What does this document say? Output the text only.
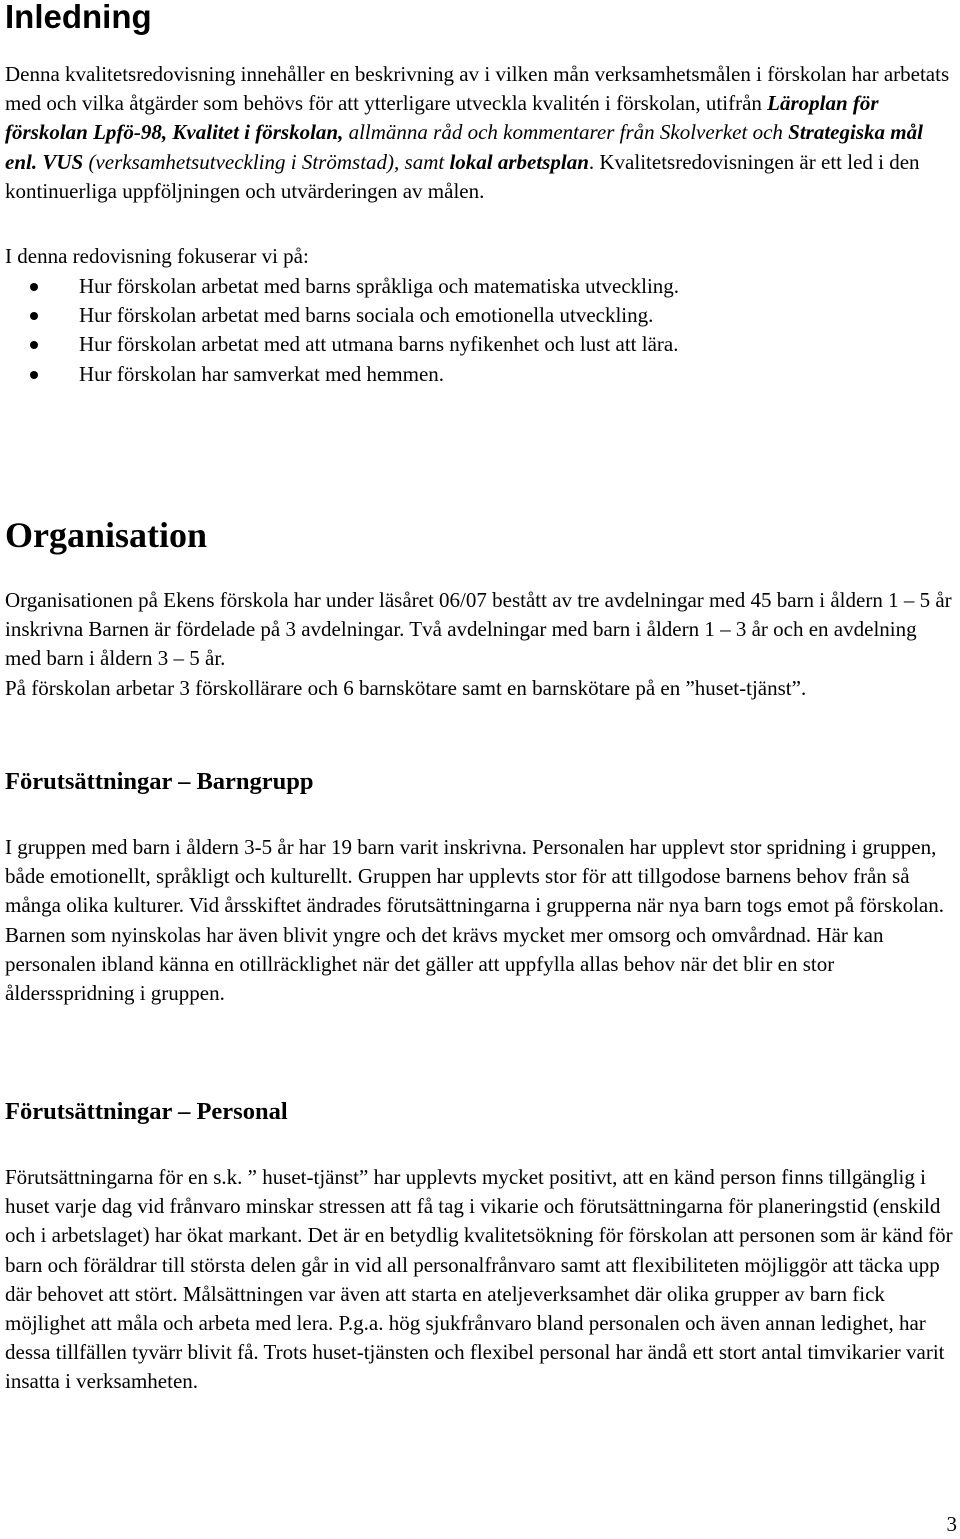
Inledning

Denna kvalitetsredovisning innehåller en beskrivning av i vilken mån verksamhetsmålen i förskolan har arbetats med och vilka åtgärder som behövs för att ytterligare utveckla kvalitén i förskolan, utifrån Läroplan för förskolan Lpfö-98, Kvalitet i förskolan, allmänna råd och kommentarer från Skolverket och Strategiska mål enl. VUS (verksamhetsutveckling i Strömstad), samt lokal arbetsplan. Kvalitetsredovisningen är ett led i den kontinuerliga uppföljningen och utvärderingen av målen.

I denna redovisning fokuserar vi på:

Hur förskolan arbetat med barns språkliga och matematiska utveckling.
Hur förskolan arbetat med barns sociala och emotionella utveckling.
Hur förskolan arbetat med att utmana barns nyfikenhet och lust att lära.
Hur förskolan har samverkat med hemmen.
Organisation

Organisationen på Ekens förskola har under läsåret 06/07 bestått av tre avdelningar med 45 barn i åldern 1 – 5 år inskrivna Barnen är fördelade på 3 avdelningar. Två avdelningar med barn i åldern 1 – 3 år och en avdelning med barn i åldern 3 – 5 år.

På förskolan arbetar 3 förskollärare och 6 barnskötare samt en barnskötare på en ”huset-tjänst”.

Förutsättningar – Barngrupp

I gruppen med barn i åldern 3-5 år har 19 barn varit inskrivna. Personalen har upplevt stor spridning i gruppen, både emotionellt, språkligt och kulturellt. Gruppen har upplevts stor för att tillgodose barnens behov från så många olika kulturer. Vid årsskiftet ändrades förutsättningarna i grupperna när nya barn togs emot på förskolan. Barnen som nyinskolas har även blivit yngre och det krävs mycket mer omsorg och omvårdnad. Här kan personalen ibland känna en otillräcklighet när det gäller att uppfylla allas behov när det blir en stor åldersspridning i gruppen.

Förutsättningar – Personal

Förutsättningarna för en s.k. ” huset-tjänst” har upplevts mycket positivt, att en känd person finns tillgänglig i huset varje dag vid frånvaro minskar stressen att få tag i vikarie och förutsättningarna för planeringstid (enskild och i arbetslaget) har ökat markant. Det är en betydlig kvalitetsökning för förskolan att personen som är känd för barn och föräldrar till största delen går in vid all personalfrånvaro samt att flexibiliteten möjliggör att täcka upp där behovet att stört. Målsättningen var även att starta en ateljeverksamhet där olika grupper av barn fick möjlighet att måla och arbeta med lera. P.g.a. hög sjukfrånvaro bland personalen och även annan ledighet, har dessa tillfällen tyvärr blivit få. Trots huset-tjänsten och flexibel personal har ändå ett stort antal timvikarier varit insatta i verksamheten.

3
